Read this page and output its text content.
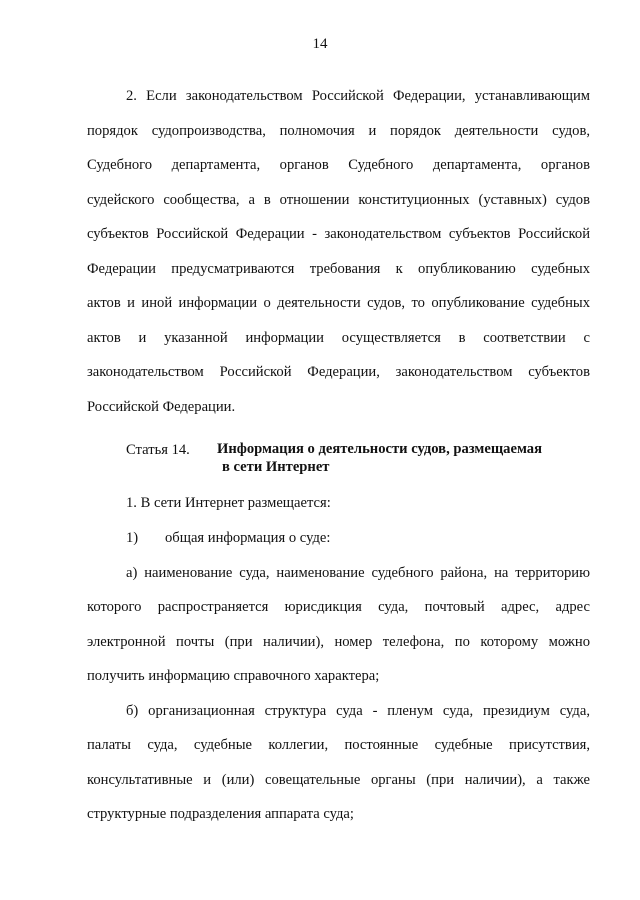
14
2. Если законодательством Российской Федерации, устанавливающим
порядок судопроизводства, полномочия и порядок деятельности судов,
Судебного департамента, органов Судебного департамента, органов
судейского сообщества, а в отношении конституционных (уставных) судов
субъектов Российской Федерации - законодательством субъектов Российской
Федерации предусматриваются требования к опубликованию судебных
актов и иной информации о деятельности судов, то опубликование судебных
актов и указанной информации осуществляется в соответствии с
законодательством Российской Федерации, законодательством субъектов
Российской Федерации.
Статья 14. Информация о деятельности судов, размещаемая
в сети Интернет
1. В сети Интернет размещается:
1) общая информация о суде:
а) наименование суда, наименование судебного района, на территорию
которого распространяется юрисдикция суда, почтовый адрес, адрес
электронной почты (при наличии), номер телефона, по которому можно
получить информацию справочного характера;
б) организационная структура суда - пленум суда, президиум суда,
палаты суда, судебные коллегии, постоянные судебные присутствия,
консультативные и (или) совещательные органы (при наличии), а также
структурные подразделения аппарата суда;
